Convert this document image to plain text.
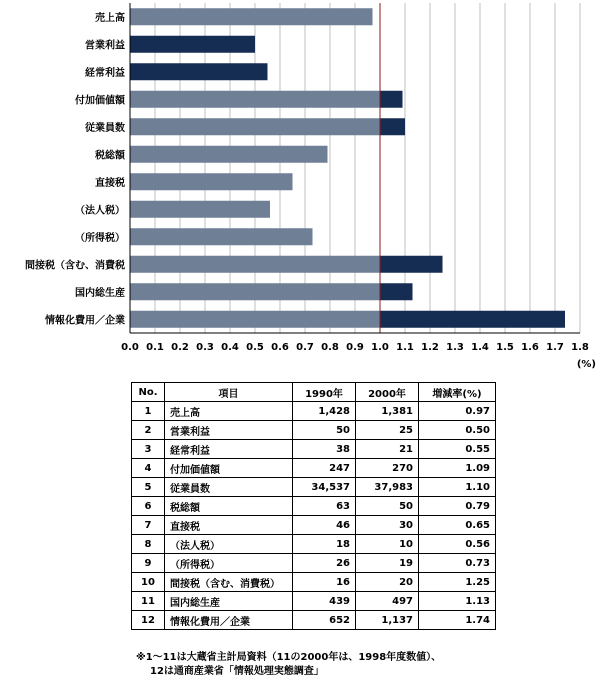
売上高
営業利益
経常利益
付加価値額
従業員数
税総額
直接税
（法人税）
（所得税）
間接税（含む、消費税
国内総生産
情報化費用／企業
0.0 0.1 0.2 0.3 0.4 0.5 0.6 0.7 0.8 0.9 1.0 1.1 1.2 1.3 1.4 1.5 1.6 1.7 1.8
(%)
No.	項目	1990年	2000年	増減率(%)
1	売上高	1,428	1,381	0.97
2	営業利益	50	25	0.50
3	経常利益	38	21	0.55
4	付加価値額	247	270	1.09
5	従業員数	34,537	37,983	1.10
6	税総額	63	50	0.79
7	直接税	46	30	0.65
8	（法人税）	18	10	0.56
9	（所得税）	26	19	0.73
10	間接税（含む、消費税）	16	20	1.25
11	国内総生産	439	497	1.13
12	情報化費用／企業	652	1,137	1.74
※1～11は大蔵省主計局資料（11の2000年は、1998年度数値）、
12は通商産業省「情報処理実態調査」
